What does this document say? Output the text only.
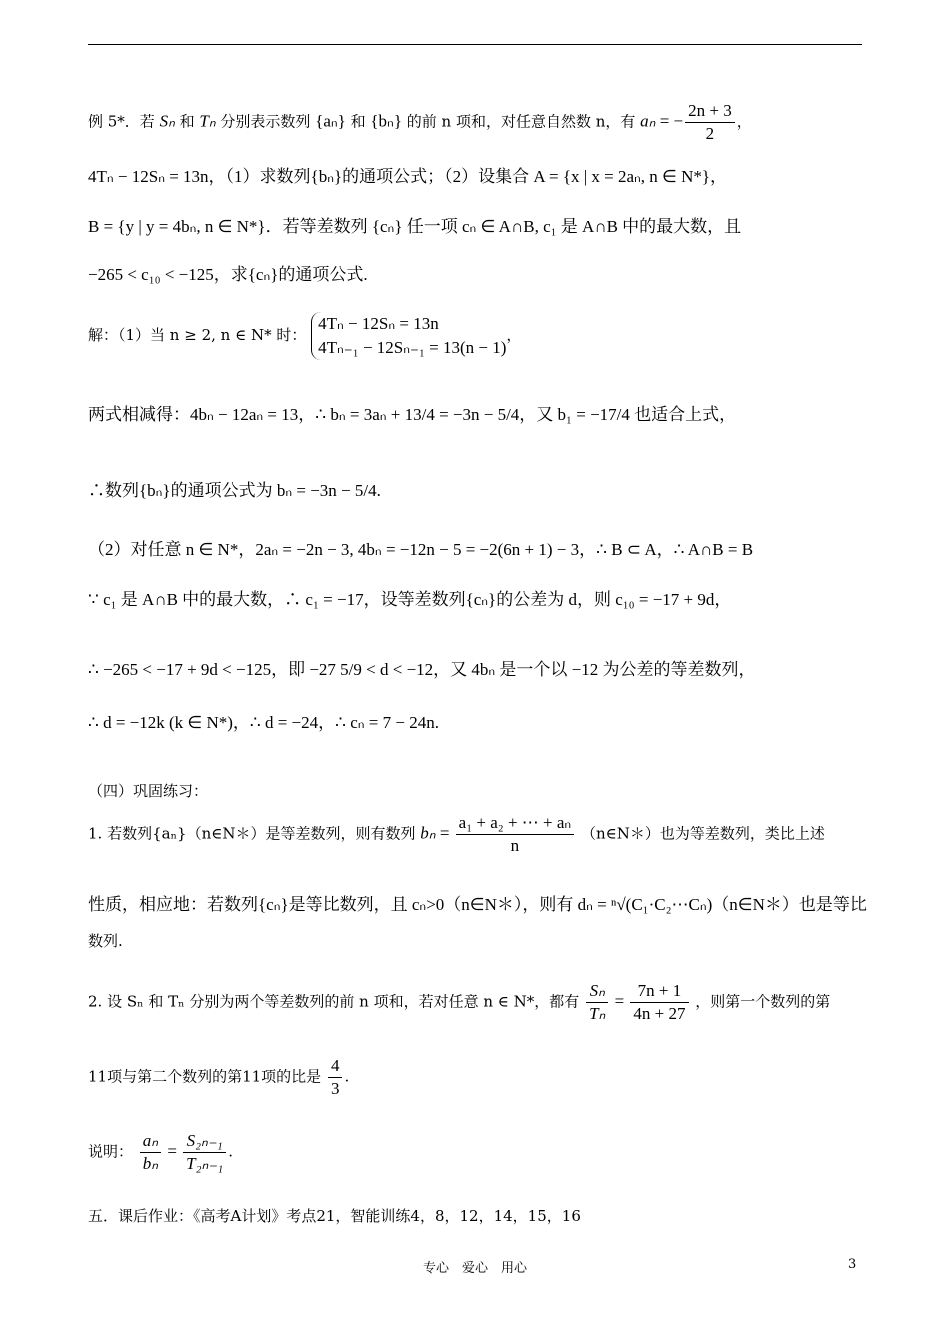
例 5*．若 Sₙ 和 Tₙ 分别表示数列 {aₙ} 和 {bₙ} 的前 n 项和，对任意自然数 n，有 aₙ = − $\frac{2n + 3}{2}$ ，
4Tₙ − 12Sₙ = 13n，（1）求数列{bₙ}的通项公式；（2）设集合 A = {x | x = 2aₙ, n ∈ N*}，
B = {y | y = 4bₙ, n ∈ N*}．若等差数列 {cₙ} 任一项 cₙ ∈ A∩B, c₁ 是 A∩B 中的最大数，且
−265 < c₁₀ < −125，求{cₙ}的通项公式.
解：（1）当 n ≥ 2, n ∈ N* 时：
4Tₙ − 12Sₙ = 13n
4Tₙ₋₁ − 12Sₙ₋₁ = 13(n − 1)
，
两式相减得：4bₙ − 12aₙ = 13，∴ bₙ = 3aₙ + 13/4 = −3n − 5/4，又 b₁ = −17/4 也适合上式，
∴数列{bₙ}的通项公式为 bₙ = −3n − 5/4.
（2）对任意 n ∈ N*，2aₙ = −2n − 3, 4bₙ = −12n − 5 = −2(6n + 1) − 3，∴ B ⊂ A，∴ A∩B = B
∵ c₁ 是 A∩B 中的最大数，∴ c₁ = −17，设等差数列{cₙ}的公差为 d，则 c₁₀ = −17 + 9d，
∴ −265 < −17 + 9d < −125，即 −27 5/9 < d < −12，又 4bₙ 是一个以 −12 为公差的等差数列，
∴ d = −12k (k ∈ N*)，∴ d = −24，∴ cₙ = 7 − 24n.
（四）巩固练习：
1. 若数列{aₙ}（n∈N＊）是等差数列，则有数列 $b_n = \frac{\text{a₁ + a₂ + ⋯ + aₙ}}{n}$ （n∈N＊）也为等差数列，类比上述
性质，相应地：若数列{cₙ}是等比数列，且 cₙ>0（n∈N＊），则有 dₙ = ⁿ√(C₁·C₂⋯Cₙ)（n∈N＊）也是等比
数列.
2. 设 Sₙ 和 Tₙ 分别为两个等差数列的前 n 项和，若对任意 n ∈ N*，都有 $\frac{\text{Sₙ}}{\text{Tₙ}} = \frac{7n + 1}{4n + 27}$ ，则第一个数列的第
11项与第二个数列的第11项的比是 $\frac{4}{3}$ .
说明： $\frac{\text{aₙ}}{\text{bₙ}} = \frac{\text{S₂ₙ₋₁}}{\text{T₂ₙ₋₁}}$ .
五．课后作业：《高考A计划》考点21，智能训练4，8，12，14，15，16
专心　爱心　用心	3
